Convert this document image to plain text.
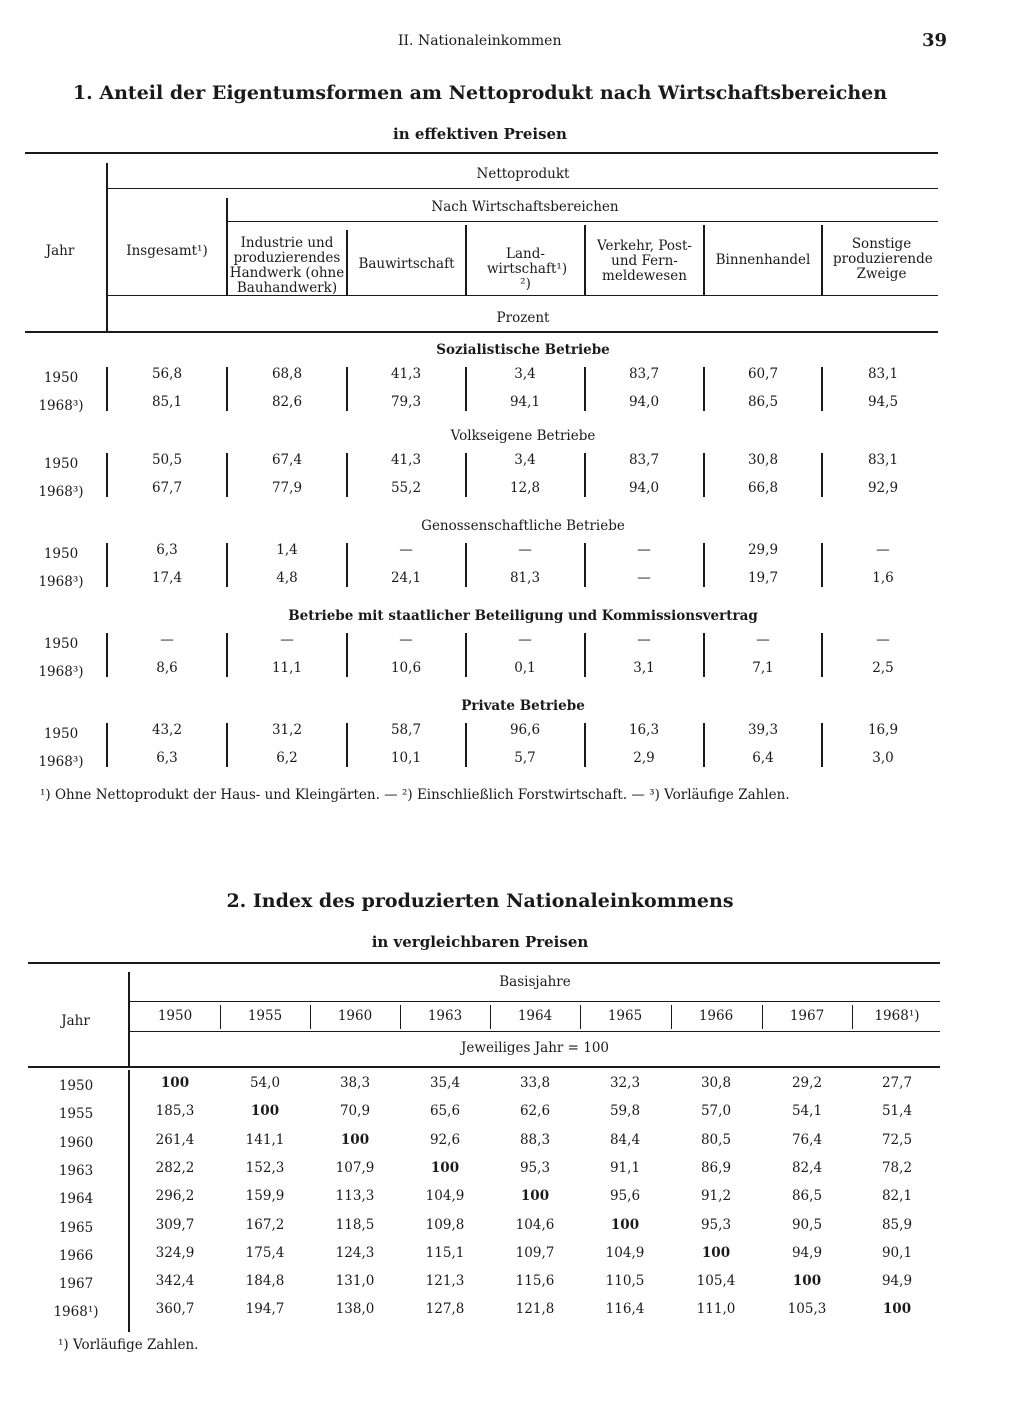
II. Nationaleinkommen	39
1. Anteil der Eigentumsformen am Nettoprodukt nach Wirtschaftsbereichen
in effektiven Preisen
Jahr
Nettoprodukt
Nach Wirtschaftsbereichen
Prozent
Insgesamt¹)	Industrie und produzierendes Handwerk (ohne Bauhandwerk)
Bauwirtschaft
Land- wirtschaft¹) ²)
Verkehr, Post- und Fern- meldewesen
Binnenhandel
Sonstige produzierende Zweige
Sozialistische Betriebe
1950	56,8	68,8	41,3	3,4	83,7	60,7	83,1
1968³)	85,1	82,6	79,3	94,1	94,0	86,5	94,5
Volkseigene Betriebe
1950	50,5	67,4	41,3	3,4	83,7	30,8	83,1
1968³)	67,7	77,9	55,2	12,8	94,0	66,8	92,9
Genossenschaftliche Betriebe
1950	6,3	1,4	—	—	—	29,9	—
1968³)	17,4	4,8	24,1	81,3	—	19,7	1,6
Betriebe mit staatlicher Beteiligung und Kommissionsvertrag
1950	—	—	—	—	—	—	—
1968³)	8,6	11,1	10,6	0,1	3,1	7,1	2,5
Private Betriebe
1950	43,2	31,2	58,7	96,6	16,3	39,3	16,9
1968³)	6,3	6,2	10,1	5,7	2,9	6,4	3,0
¹) Ohne Nettoprodukt der Haus- und Kleingärten. — ²) Einschließlich Forstwirtschaft. — ³) Vorläufige Zahlen.
2. Index des produzierten Nationaleinkommens
in vergleichbaren Preisen
Jahr
Basisjahre
Jeweiliges Jahr = 100
1950	1955	1960	1963	1964	1965	1966	1967	1968¹)
1950	100	54,0	38,3	35,4	33,8	32,3	30,8	29,2	27,7
1955	185,3	100	70,9	65,6	62,6	59,8	57,0	54,1	51,4
1960	261,4	141,1	100	92,6	88,3	84,4	80,5	76,4	72,5
1963	282,2	152,3	107,9	100	95,3	91,1	86,9	82,4	78,2
1964	296,2	159,9	113,3	104,9	100	95,6	91,2	86,5	82,1
1965	309,7	167,2	118,5	109,8	104,6	100	95,3	90,5	85,9
1966	324,9	175,4	124,3	115,1	109,7	104,9	100	94,9	90,1
1967	342,4	184,8	131,0	121,3	115,6	110,5	105,4	100	94,9
1968¹)	360,7	194,7	138,0	127,8	121,8	116,4	111,0	105,3	100
¹) Vorläufige Zahlen.
